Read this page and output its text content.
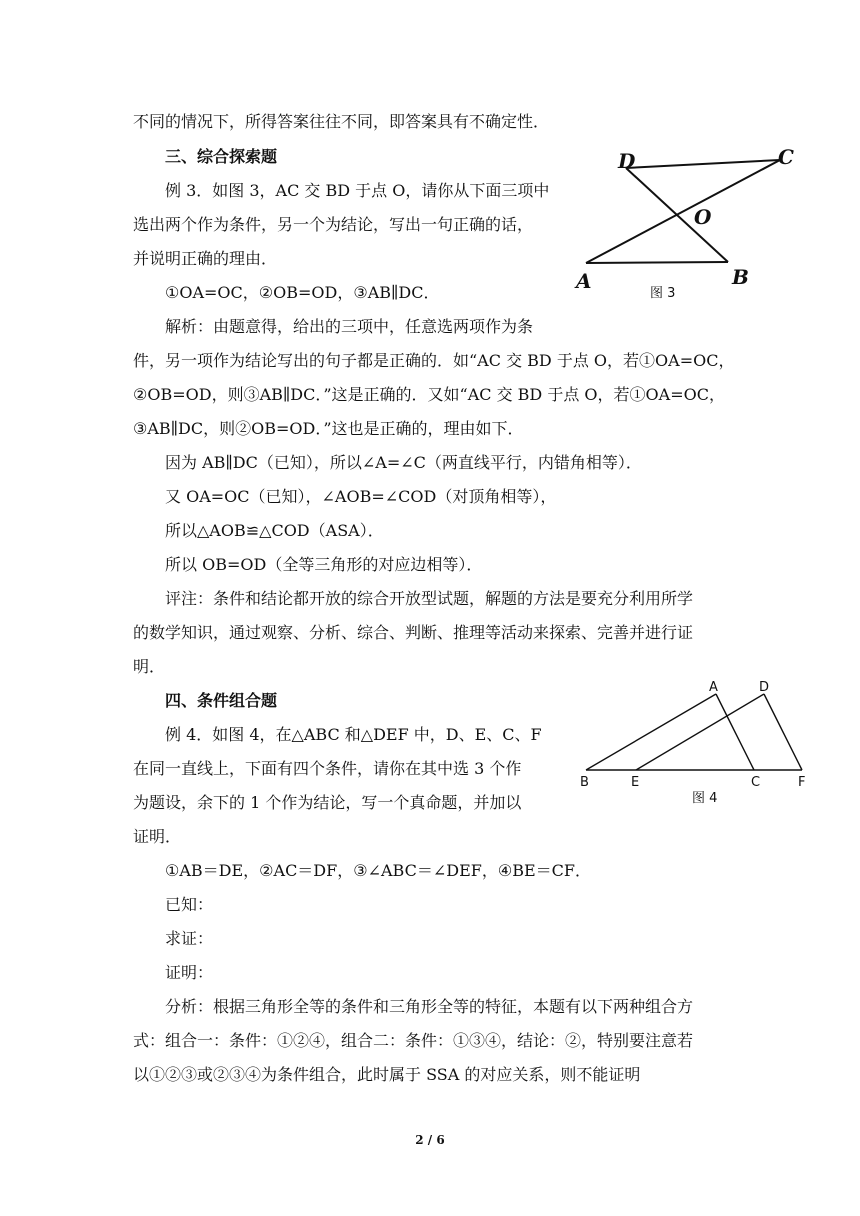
不同的情况下，所得答案往往不同，即答案具有不确定性．
三、综合探索题
例 3．如图 3，AC 交 BD 于点 O，请你从下面三项中
选出两个作为条件，另一个为结论，写出一句正确的话，
并说明正确的理由．
①OA=OC，②OB=OD，③AB∥DC．
解析：由题意得，给出的三项中，任意选两项作为条
件，另一项作为结论写出的句子都是正确的．如“AC 交 BD 于点 O，若①OA=OC，
②OB=OD，则③AB∥DC．”这是正确的．又如“AC 交 BD 于点 O，若①OA=OC，
③AB∥DC，则②OB=OD．”这也是正确的，理由如下．
因为 AB∥DC（已知），所以∠A=∠C（两直线平行，内错角相等）．
又 OA=OC（已知），∠AOB=∠COD（对顶角相等），
所以△AOB≌△COD（ASA）．
所以 OB=OD（全等三角形的对应边相等）．
评注：条件和结论都开放的综合开放型试题，解题的方法是要充分利用所学
的数学知识，通过观察、分析、综合、判断、推理等活动来探索、完善并进行证
明．
四、条件组合题
例 4．如图 4，在△ABC 和△DEF 中，D、E、C、F
在同一直线上，下面有四个条件，请你在其中选 3 个作
为题设，余下的 1 个作为结论，写一个真命题，并加以
证明．
①AB＝DE，②AC＝DF，③∠ABC＝∠DEF，④BE＝CF．
已知：
求证：
证明：
分析：根据三角形全等的条件和三角形全等的特征，本题有以下两种组合方
式：组合一：条件：①②④，组合二：条件：①③④，结论：②，特别要注意若
以①②③或②③④为条件组合，此时属于 SSA 的对应关系，则不能证明
D	C
O
A	B
图 3
A	D
B	E	C	F
图 4
2 / 6
